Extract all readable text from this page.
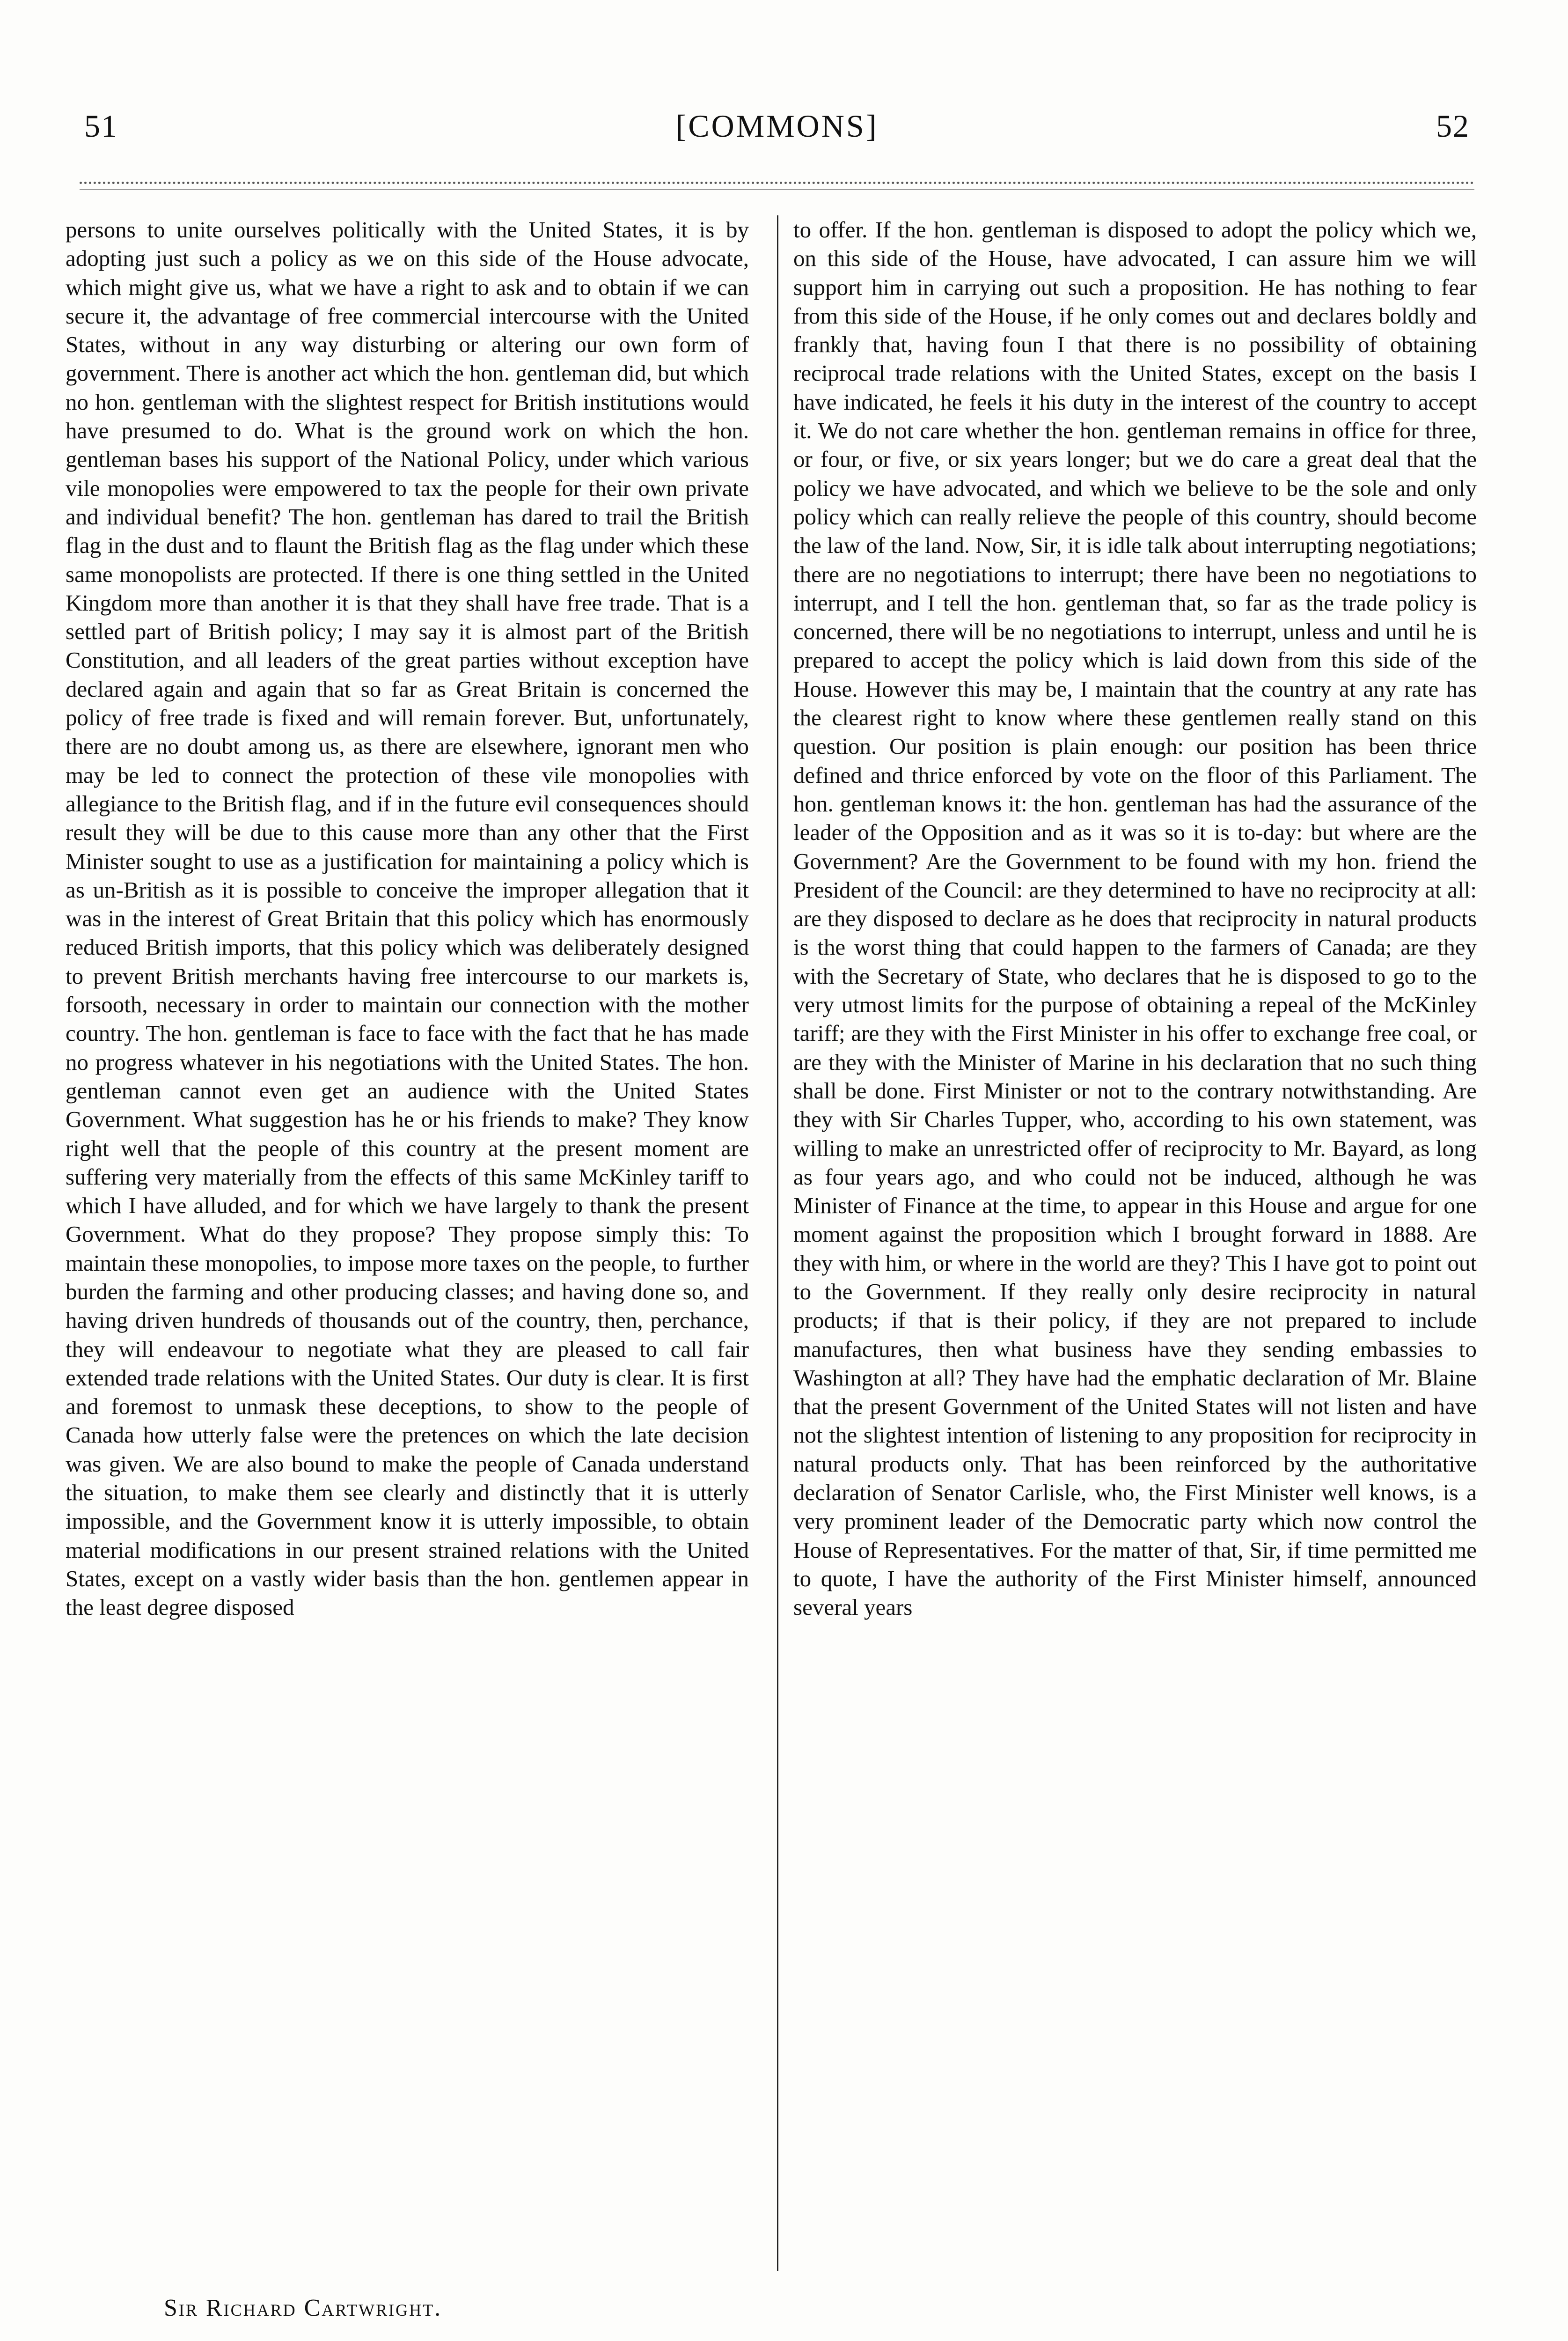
51	[COMMONS]	52

persons to unite ourselves politically with the United States, it is by adopting just such a policy as we on this side of the House advocate, which might give us, what we have a right to ask and to obtain if we can secure it, the advantage of free commercial intercourse with the United States, without in any way disturbing or altering our own form of government. There is another act which the hon. gentleman did, but which no hon. gentleman with the slightest respect for British institutions would have presumed to do. What is the ground work on which the hon. gentleman bases his support of the National Policy, under which various vile monopolies were empowered to tax the people for their own private and individual benefit? The hon. gentleman has dared to trail the British flag in the dust and to flaunt the British flag as the flag under which these same monopolists are protected. If there is one thing settled in the United Kingdom more than another it is that they shall have free trade. That is a settled part of British policy; I may say it is almost part of the British Constitution, and all leaders of the great parties without exception have declared again and again that so far as Great Britain is concerned the policy of free trade is fixed and will remain forever. But, unfortunately, there are no doubt among us, as there are elsewhere, ignorant men who may be led to connect the protection of these vile monopolies with allegiance to the British flag, and if in the future evil consequences should result they will be due to this cause more than any other that the First Minister sought to use as a justification for maintaining a policy which is as un-British as it is possible to conceive the improper allegation that it was in the interest of Great Britain that this policy which has enormously reduced British imports, that this policy which was deliberately designed to prevent British merchants having free intercourse to our markets is, forsooth, necessary in order to maintain our connection with the mother country. The hon. gentleman is face to face with the fact that he has made no progress whatever in his negotiations with the United States. The hon. gentleman cannot even get an audience with the United States Government. What suggestion has he or his friends to make? They know right well that the people of this country at the present moment are suffering very materially from the effects of this same McKinley tariff to which I have alluded, and for which we have largely to thank the present Government. What do they propose? They propose simply this: To maintain these monopolies, to impose more taxes on the people, to further burden the farming and other producing classes; and having done so, and having driven hundreds of thousands out of the country, then, perchance, they will endeavour to negotiate what they are pleased to call fair extended trade relations with the United States. Our duty is clear. It is first and foremost to unmask these deceptions, to show to the people of Canada how utterly false were the pretences on which the late decision was given. We are also bound to make the people of Canada understand the situation, to make them see clearly and distinctly that it is utterly impossible, and the Government know it is utterly impossible, to obtain material modifications in our present strained relations with the United States, except on a vastly wider basis than the hon. gentlemen appear in the least degree disposed

to offer. If the hon. gentleman is disposed to adopt the policy which we, on this side of the House, have advocated, I can assure him we will support him in carrying out such a proposition. He has nothing to fear from this side of the House, if he only comes out and declares boldly and frankly that, having foun I that there is no possibility of obtaining reciprocal trade relations with the United States, except on the basis I have indicated, he feels it his duty in the interest of the country to accept it. We do not care whether the hon. gentleman remains in office for three, or four, or five, or six years longer; but we do care a great deal that the policy we have advocated, and which we believe to be the sole and only policy which can really relieve the people of this country, should become the law of the land. Now, Sir, it is idle talk about interrupting negotiations; there are no negotiations to interrupt; there have been no negotiations to interrupt, and I tell the hon. gentleman that, so far as the trade policy is concerned, there will be no negotiations to interrupt, unless and until he is prepared to accept the policy which is laid down from this side of the House. However this may be, I maintain that the country at any rate has the clearest right to know where these gentlemen really stand on this question. Our position is plain enough: our position has been thrice defined and thrice enforced by vote on the floor of this Parliament. The hon. gentleman knows it: the hon. gentleman has had the assurance of the leader of the Opposition and as it was so it is to-day: but where are the Government? Are the Government to be found with my hon. friend the President of the Council: are they determined to have no reciprocity at all: are they disposed to declare as he does that reciprocity in natural products is the worst thing that could happen to the farmers of Canada; are they with the Secretary of State, who declares that he is disposed to go to the very utmost limits for the purpose of obtaining a repeal of the McKinley tariff; are they with the First Minister in his offer to exchange free coal, or are they with the Minister of Marine in his declaration that no such thing shall be done. First Minister or not to the contrary notwithstanding. Are they with Sir Charles Tupper, who, according to his own statement, was willing to make an unrestricted offer of reciprocity to Mr. Bayard, as long as four years ago, and who could not be induced, although he was Minister of Finance at the time, to appear in this House and argue for one moment against the proposition which I brought forward in 1888. Are they with him, or where in the world are they? This I have got to point out to the Government. If they really only desire reciprocity in natural products; if that is their policy, if they are not prepared to include manufactures, then what business have they sending embassies to Washington at all? They have had the emphatic declaration of Mr. Blaine that the present Government of the United States will not listen and have not the slightest intention of listening to any proposition for reciprocity in natural products only. That has been reinforced by the authoritative declaration of Senator Carlisle, who, the First Minister well knows, is a very prominent leader of the Democratic party which now control the House of Representatives. For the matter of that, Sir, if time permitted me to quote, I have the authority of the First Minister himself, announced several years

Sir Richard Cartwright.
